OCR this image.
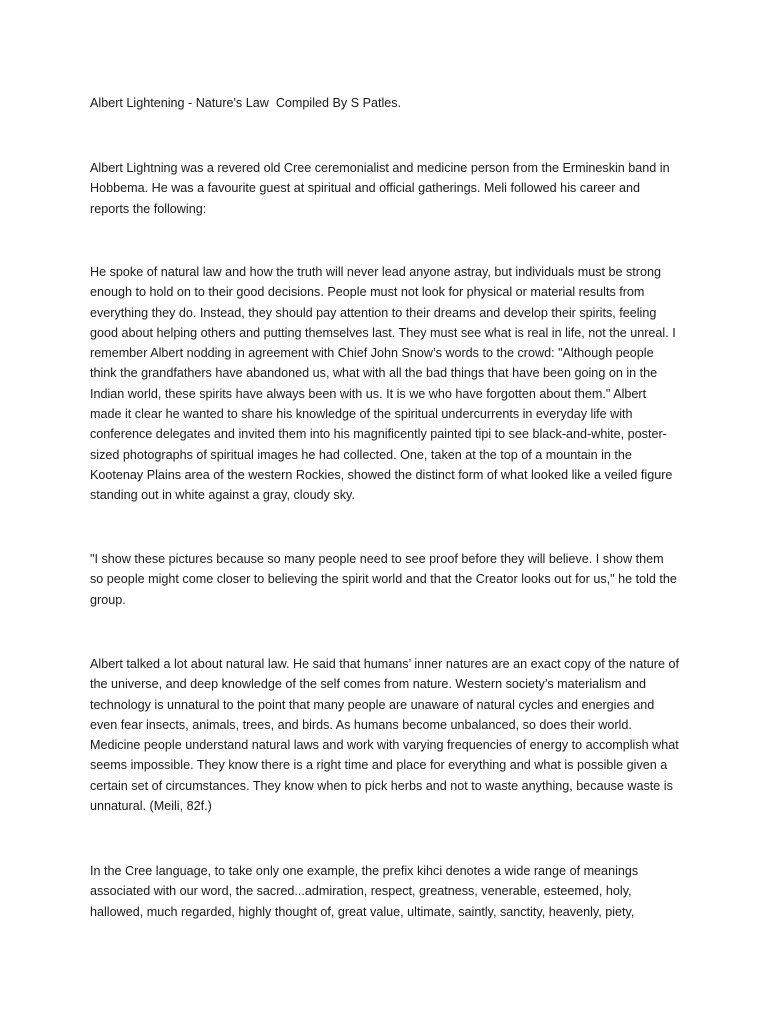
Albert Lightening - Nature's Law  Compiled By S Patles.

Albert Lightning was a revered old Cree ceremonialist and medicine person from the Ermineskin band in Hobbema. He was a favourite guest at spiritual and official gatherings. Meli followed his career and reports the following:

He spoke of natural law and how the truth will never lead anyone astray, but individuals must be strong enough to hold on to their good decisions. People must not look for physical or material results from everything they do. Instead, they should pay attention to their dreams and develop their spirits, feeling good about helping others and putting themselves last. They must see what is real in life, not the unreal. I remember Albert nodding in agreement with Chief John Snow’s words to the crowd: "Although people think the grandfathers have abandoned us, what with all the bad things that have been going on in the Indian world, these spirits have always been with us. It is we who have forgotten about them." Albert made it clear he wanted to share his knowledge of the spiritual undercurrents in everyday life with conference delegates and invited them into his magnificently painted tipi to see black-and-white, poster-sized photographs of spiritual images he had collected. One, taken at the top of a mountain in the Kootenay Plains area of the western Rockies, showed the distinct form of what looked like a veiled figure standing out in white against a gray, cloudy sky.

"I show these pictures because so many people need to see proof before they will believe. I show them so people might come closer to believing the spirit world and that the Creator looks out for us," he told the group.

Albert talked a lot about natural law. He said that humans’ inner natures are an exact copy of the nature of the universe, and deep knowledge of the self comes from nature. Western society’s materialism and technology is unnatural to the point that many people are unaware of natural cycles and energies and even fear insects, animals, trees, and birds. As humans become unbalanced, so does their world. Medicine people understand natural laws and work with varying frequencies of energy to accomplish what seems impossible. They know there is a right time and place for everything and what is possible given a certain set of circumstances. They know when to pick herbs and not to waste anything, because waste is unnatural. (Meili, 82f.)

In the Cree language, to take only one example, the prefix kihci denotes a wide range of meanings associated with our word, the sacred...admiration, respect, greatness, venerable, esteemed, holy, hallowed, much regarded, highly thought of, great value, ultimate, saintly, sanctity, heavenly, piety,
